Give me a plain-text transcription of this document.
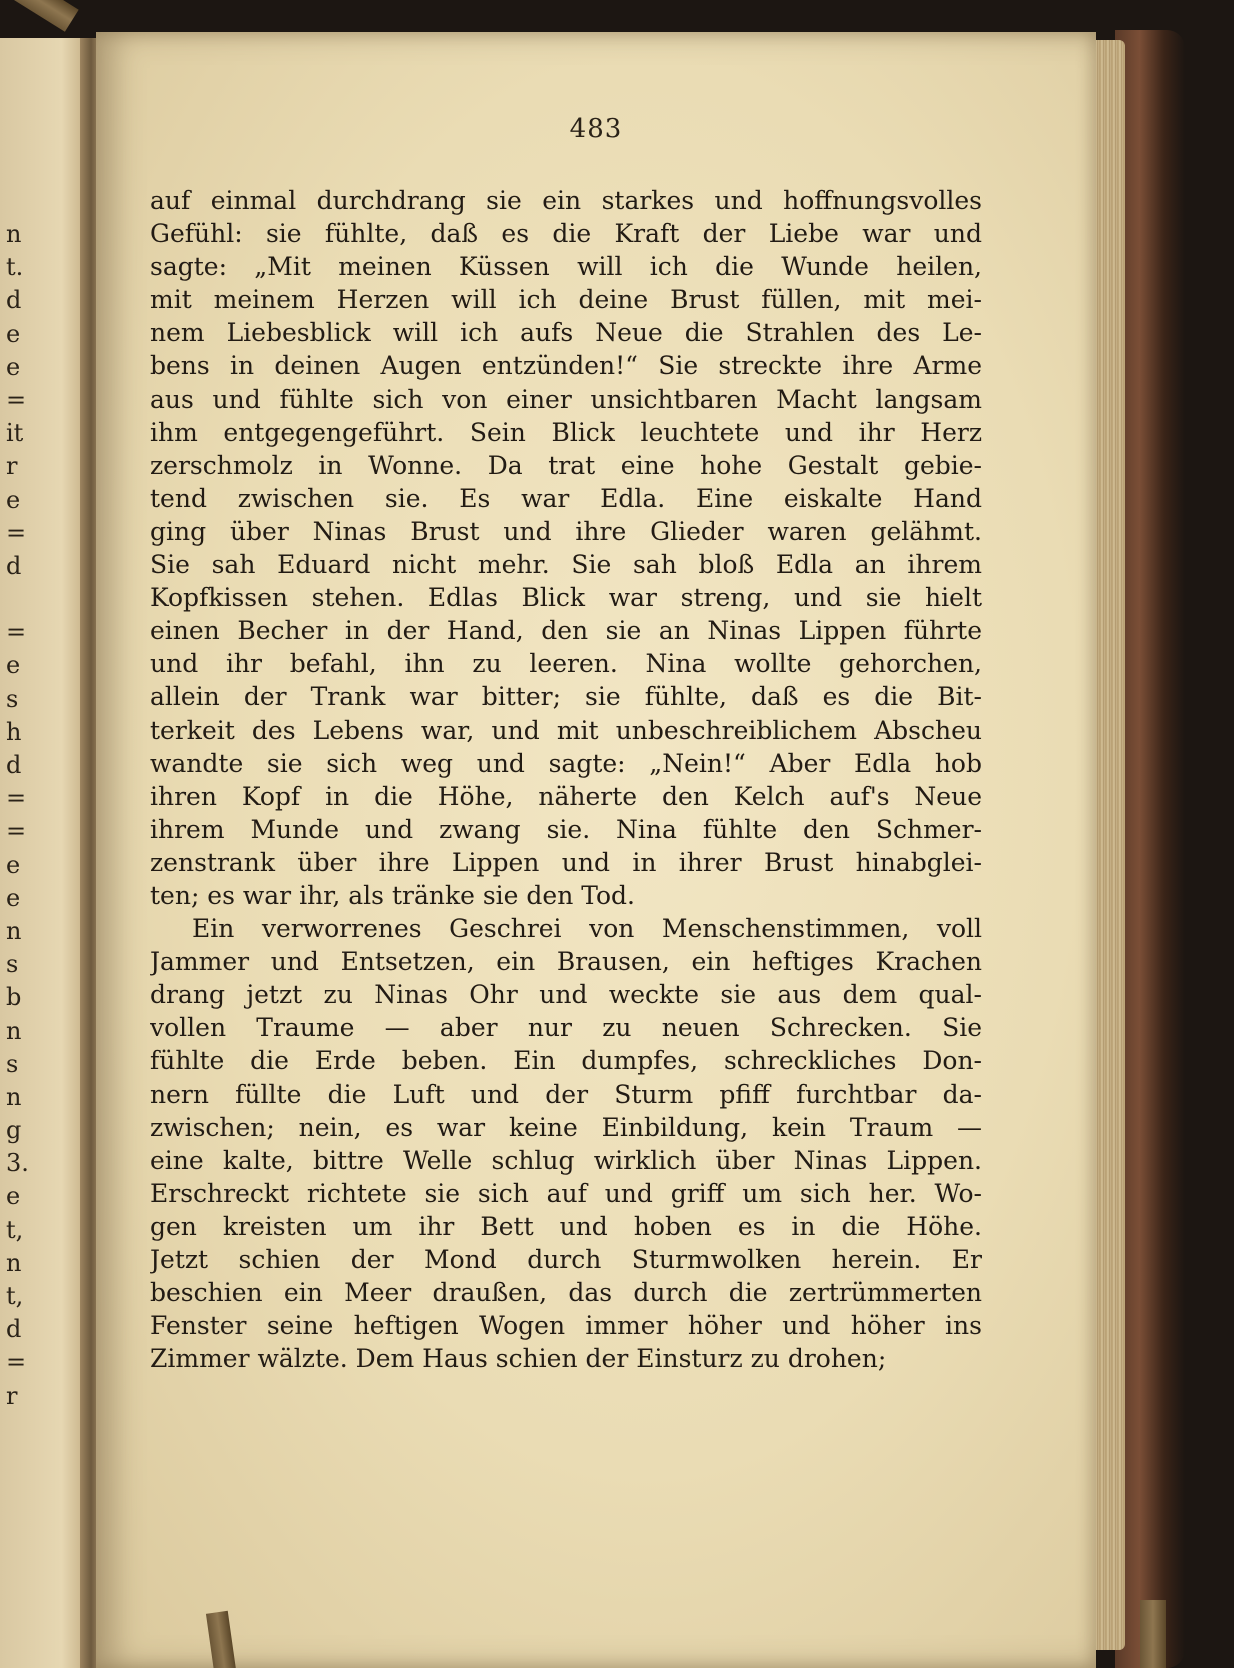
n
t.
d
e
e
=
it
r
e
=
d
=
e
s
h
d
=
=
e
e
n
s
b
n
s
n
g
3.
e
t,
n
t,
d
=
r
483
auf einmal durchdrang sie ein starkes und hoffnungsvolles
Gefühl: sie fühlte, daß es die Kraft der Liebe war und
sagte: „Mit meinen Küssen will ich die Wunde heilen,
mit meinem Herzen will ich deine Brust füllen, mit mei-
nem Liebesblick will ich aufs Neue die Strahlen des Le-
bens in deinen Augen entzünden!“ Sie streckte ihre Arme
aus und fühlte sich von einer unsichtbaren Macht langsam
ihm entgegengeführt. Sein Blick leuchtete und ihr Herz
zerschmolz in Wonne. Da trat eine hohe Gestalt gebie-
tend zwischen sie. Es war Edla. Eine eiskalte Hand
ging über Ninas Brust und ihre Glieder waren gelähmt.
Sie sah Eduard nicht mehr. Sie sah bloß Edla an ihrem
Kopfkissen stehen. Edlas Blick war streng, und sie hielt
einen Becher in der Hand, den sie an Ninas Lippen führte
und ihr befahl, ihn zu leeren. Nina wollte gehorchen,
allein der Trank war bitter; sie fühlte, daß es die Bit-
terkeit des Lebens war, und mit unbeschreiblichem Abscheu
wandte sie sich weg und sagte: „Nein!“ Aber Edla hob
ihren Kopf in die Höhe, näherte den Kelch auf's Neue
ihrem Munde und zwang sie. Nina fühlte den Schmer-
zenstrank über ihre Lippen und in ihrer Brust hinabglei-
ten; es war ihr, als tränke sie den Tod.
Ein verworrenes Geschrei von Menschenstimmen, voll
Jammer und Entsetzen, ein Brausen, ein heftiges Krachen
drang jetzt zu Ninas Ohr und weckte sie aus dem qual-
vollen Traume — aber nur zu neuen Schrecken. Sie
fühlte die Erde beben. Ein dumpfes, schreckliches Don-
nern füllte die Luft und der Sturm pfiff furchtbar da-
zwischen; nein, es war keine Einbildung, kein Traum —
eine kalte, bittre Welle schlug wirklich über Ninas Lippen.
Erschreckt richtete sie sich auf und griff um sich her. Wo-
gen kreisten um ihr Bett und hoben es in die Höhe.
Jetzt schien der Mond durch Sturmwolken herein. Er
beschien ein Meer draußen, das durch die zertrümmerten
Fenster seine heftigen Wogen immer höher und höher ins
Zimmer wälzte. Dem Haus schien der Einsturz zu drohen;
